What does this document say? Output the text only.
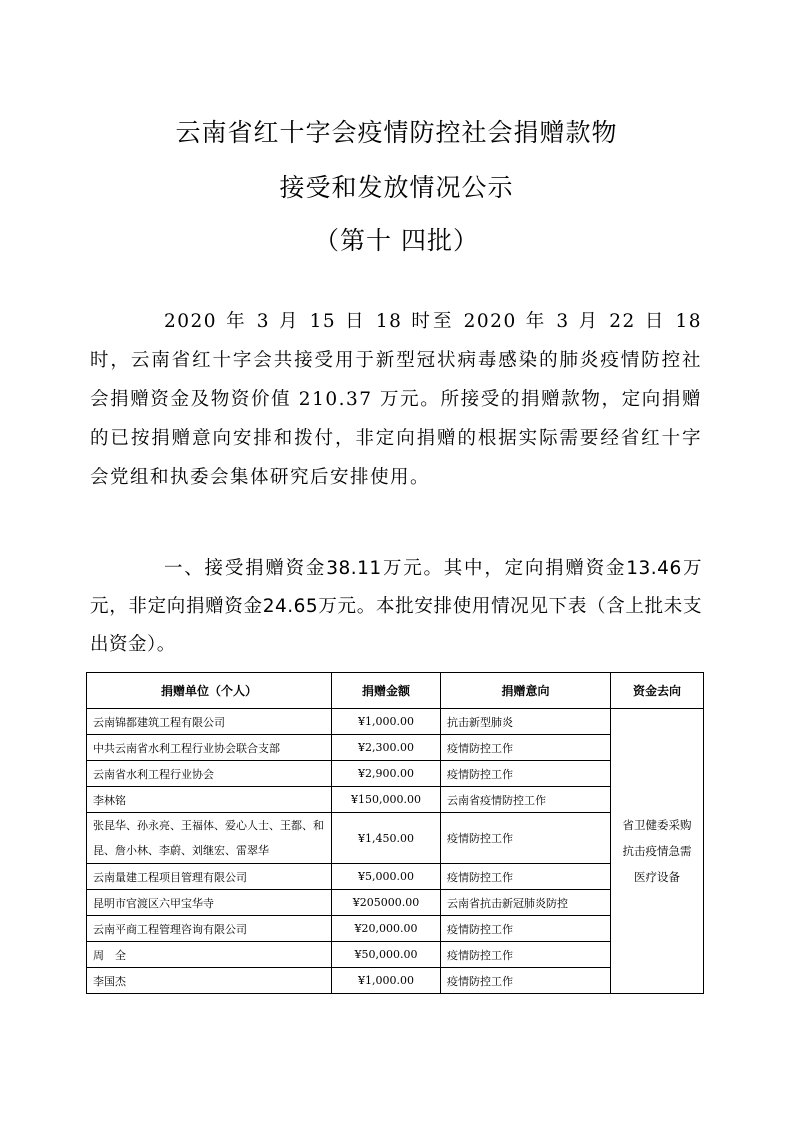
云南省红十字会疫情防控社会捐赠款物
接受和发放情况公示
（第十 四批）
2020 年 3 月 15 日 18 时至 2020 年 3 月 22 日 18 时，云南省红十字会共接受用于新型冠状病毒感染的肺炎疫情防控社会捐赠资金及物资价值 210.37 万元。所接受的捐赠款物，定向捐赠的已按捐赠意向安排和拨付，非定向捐赠的根据实际需要经省红十字会党组和执委会集体研究后安排使用。
一、接受捐赠资金38.11万元。其中，定向捐赠资金13.46万元，非定向捐赠资金24.65万元。本批安排使用情况见下表（含上批未支出资金）。
捐赠单位（个人）	捐赠金额	捐赠意向	资金去向
云南锦都建筑工程有限公司	¥1,000.00	抗击新型肺炎	省卫健委采购抗击疫情急需医疗设备

中共云南省水利工程行业协会联合支部	¥2,300.00	疫情防控工作	
云南省水利工程行业协会	¥2,900.00	疫情防控工作	
李林铭	¥150,000.00	云南省疫情防控工作	
张昆华、孙永亮、王福体、爱心人士、王都、和昆、詹小林、李蔚、刘继宏、雷翠华	¥1,450.00	疫情防控工作	
云南量建工程项目管理有限公司	¥5,000.00	疫情防控工作	
昆明市官渡区六甲宝华寺	¥205000.00	云南省抗击新冠肺炎防控	
云南平商工程管理咨询有限公司	¥20,000.00	疫情防控工作	
周　全	¥50,000.00	疫情防控工作	
李国杰	¥1,000.00	疫情防控工作	
